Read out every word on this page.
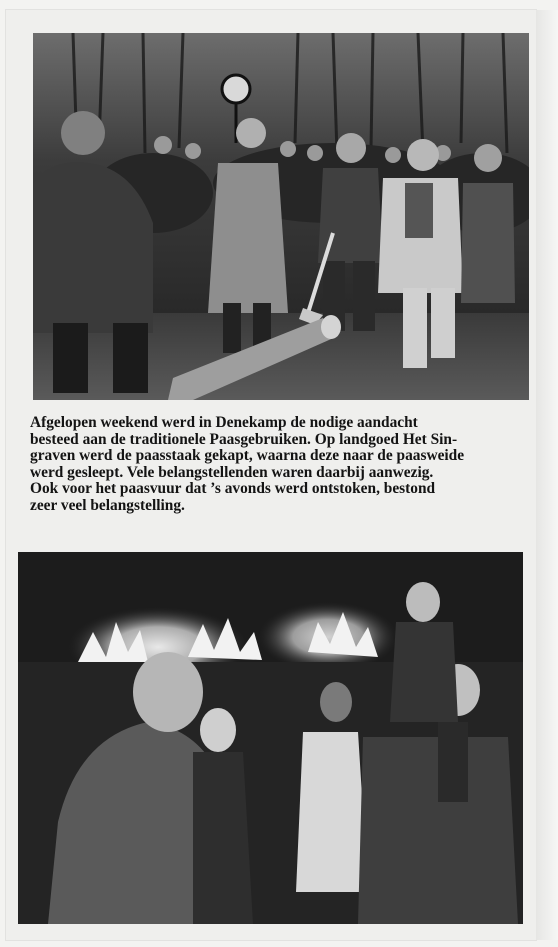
Afgelopen weekend werd in Denekamp de nodige aandacht
besteed aan de traditionele Paasgebruiken. Op landgoed Het Sin-
graven werd de paasstaak gekapt, waarna deze naar de paasweide
werd gesleept. Vele belangstellenden waren daarbij aanwezig.
Ook voor het paasvuur dat ’s avonds werd ontstoken, bestond
zeer veel belangstelling.
